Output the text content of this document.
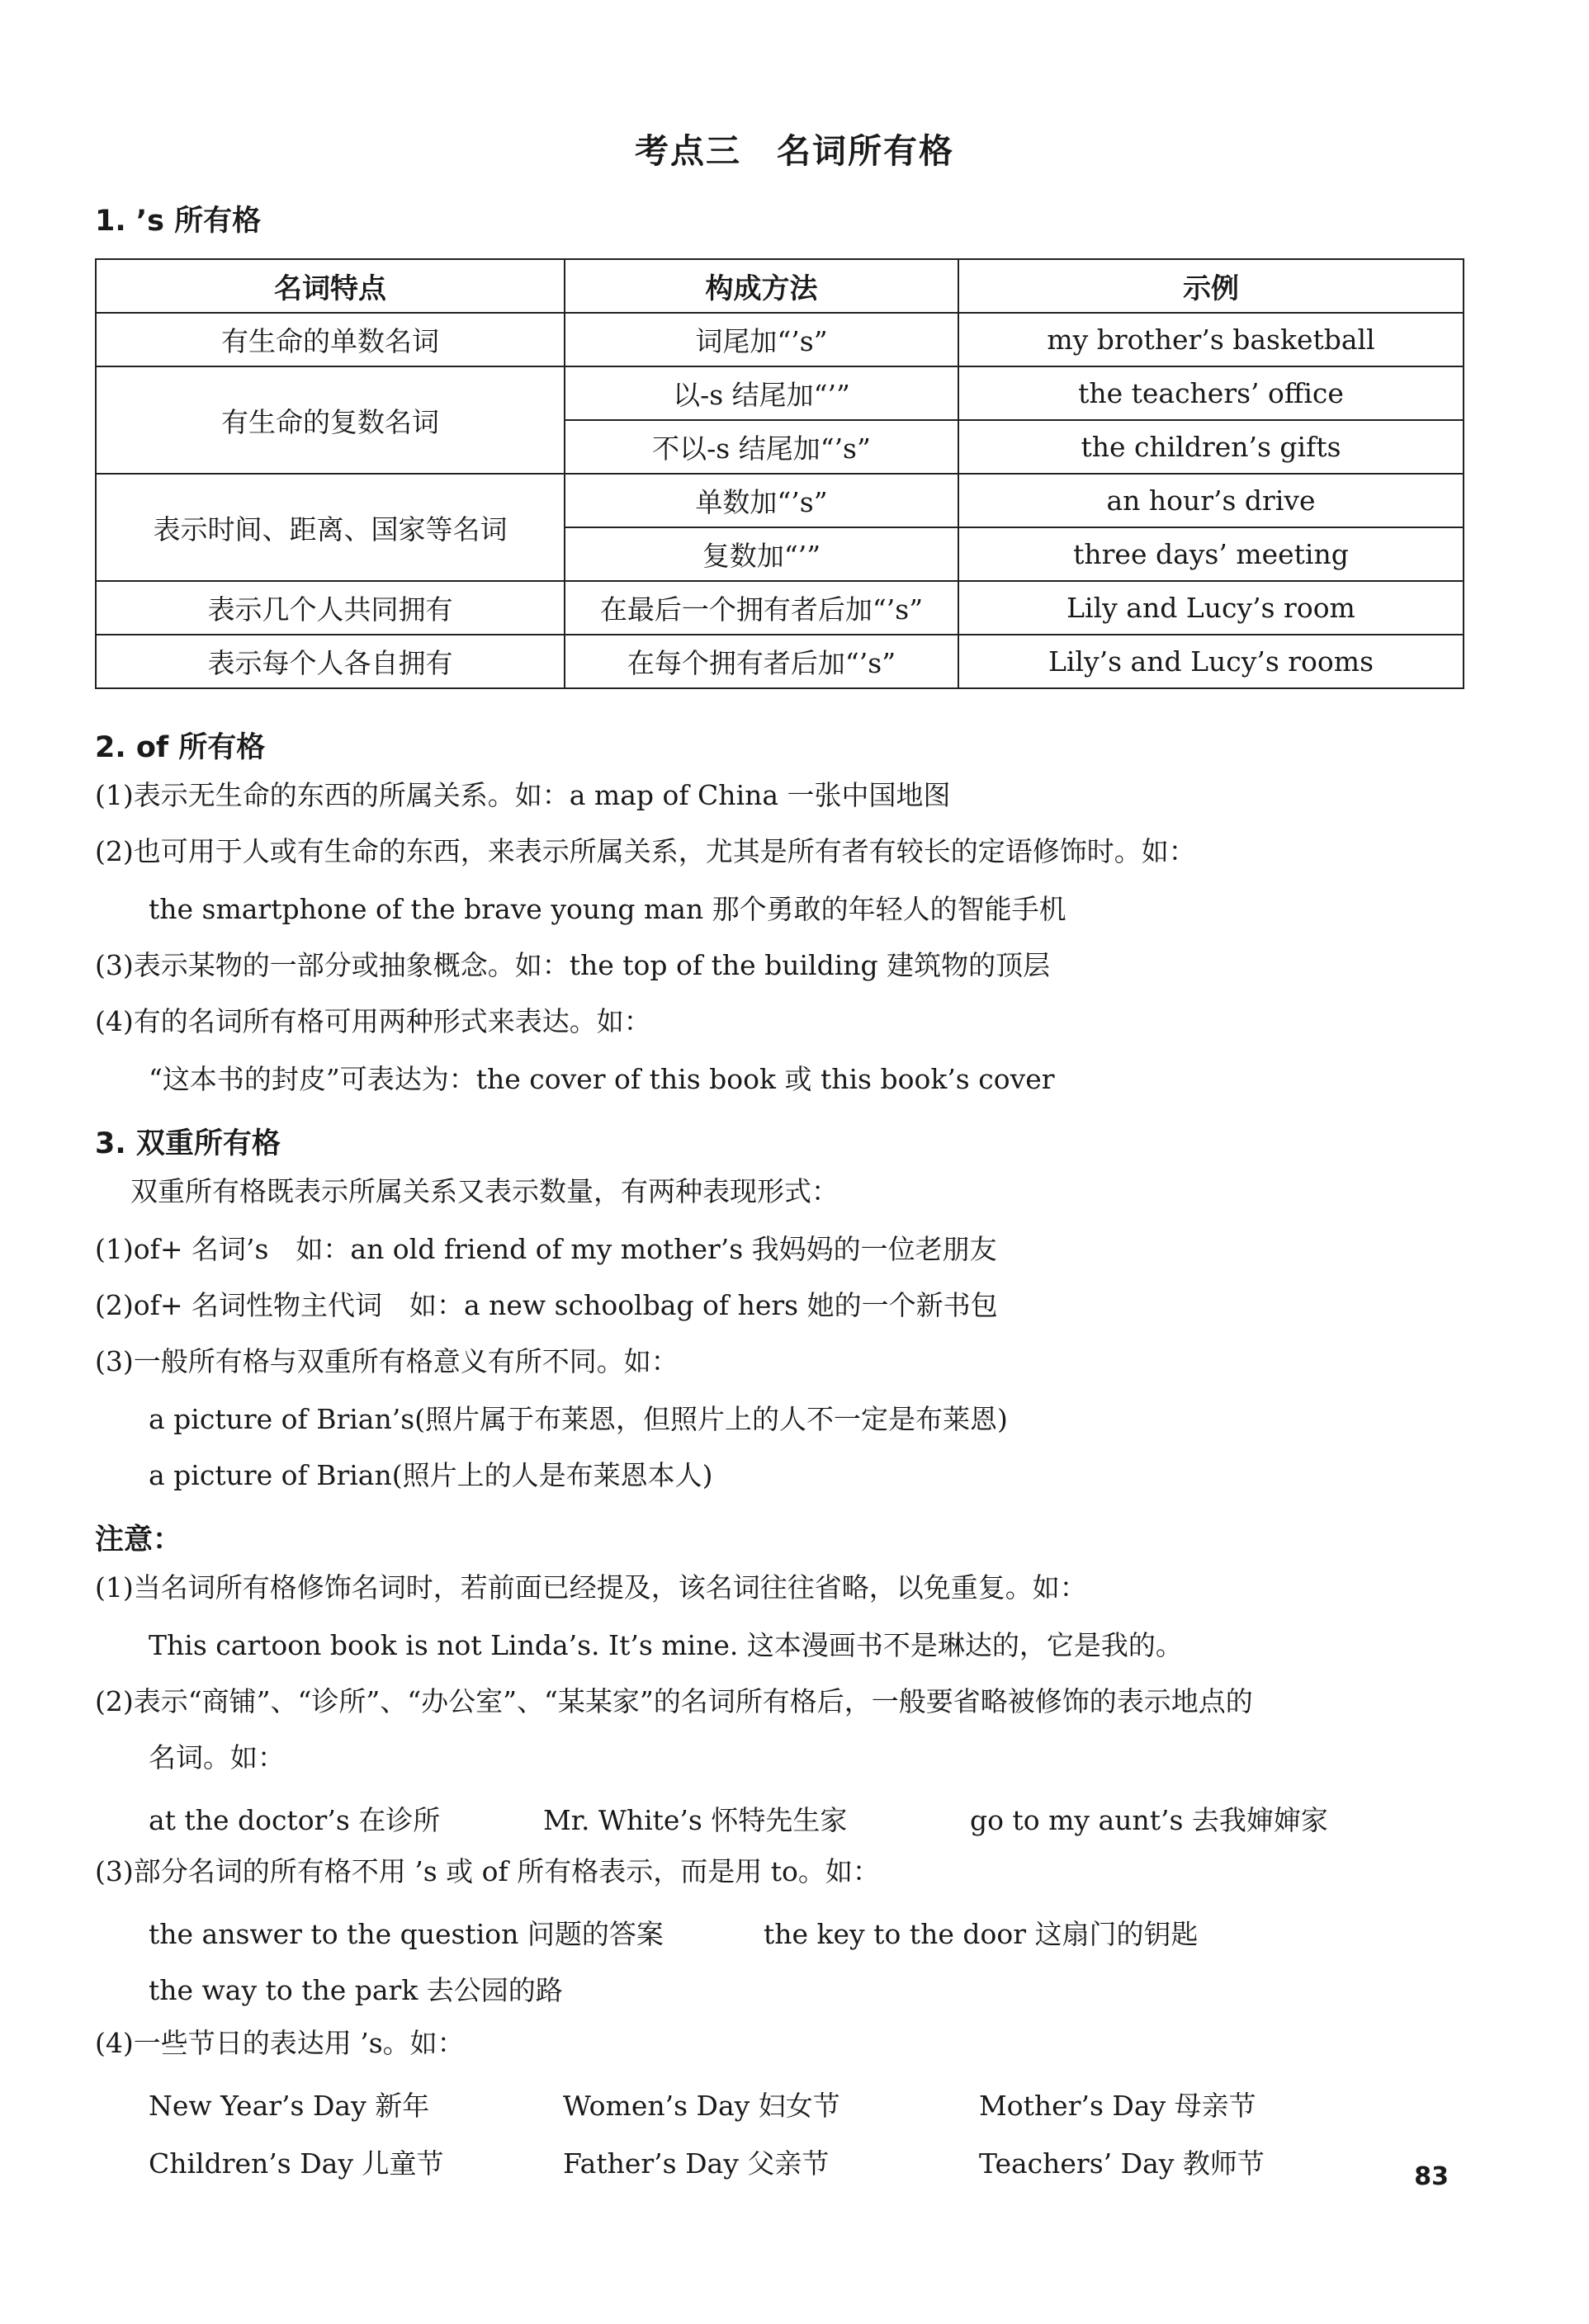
考点三　名词所有格
1. ’s 所有格
名词特点	构成方法	示例
有生命的单数名词	词尾加“’s”	my brother’s basketball
有生命的复数名词	以-s 结尾加“’”	the teachers’ office
	不以-s 结尾加“’s”	the children’s gifts
表示时间、距离、国家等名词	单数加“’s”	an hour’s drive
	复数加“’”	three days’ meeting
表示几个人共同拥有	在最后一个拥有者后加“’s”	Lily and Lucy’s room
表示每个人各自拥有	在每个拥有者后加“’s”	Lily’s and Lucy’s rooms
2. of 所有格
(1)表示无生命的东西的所属关系。如：a map of China 一张中国地图
(2)也可用于人或有生命的东西，来表示所属关系，尤其是所有者有较长的定语修饰时。如：
the smartphone of the brave young man 那个勇敢的年轻人的智能手机
(3)表示某物的一部分或抽象概念。如：the top of the building 建筑物的顶层
(4)有的名词所有格可用两种形式来表达。如：
“这本书的封皮”可表达为：the cover of this book 或 this book’s cover
3. 双重所有格
双重所有格既表示所属关系又表示数量，有两种表现形式：
(1)of+ 名词’s　如：an old friend of my mother’s 我妈妈的一位老朋友
(2)of+ 名词性物主代词　如：a new schoolbag of hers 她的一个新书包
(3)一般所有格与双重所有格意义有所不同。如：
a picture of Brian’s(照片属于布莱恩，但照片上的人不一定是布莱恩)
a picture of Brian(照片上的人是布莱恩本人)
注意：
(1)当名词所有格修饰名词时，若前面已经提及，该名词往往省略，以免重复。如：
This cartoon book is not Linda’s. It’s mine. 这本漫画书不是琳达的，它是我的。
(2)表示“商铺”、“诊所”、“办公室”、“某某家”的名词所有格后，一般要省略被修饰的表示地点的
名词。如：
at the doctor’s 在诊所	Mr. White’s 怀特先生家	go to my aunt’s 去我婶婶家
(3)部分名词的所有格不用 ’s 或 of 所有格表示，而是用 to。如：
the answer to the question 问题的答案	the key to the door 这扇门的钥匙
the way to the park 去公园的路
(4)一些节日的表达用 ’s。如：
New Year’s Day 新年	Women’s Day 妇女节	Mother’s Day 母亲节
Children’s Day 儿童节	Father’s Day 父亲节	Teachers’ Day 教师节	83
